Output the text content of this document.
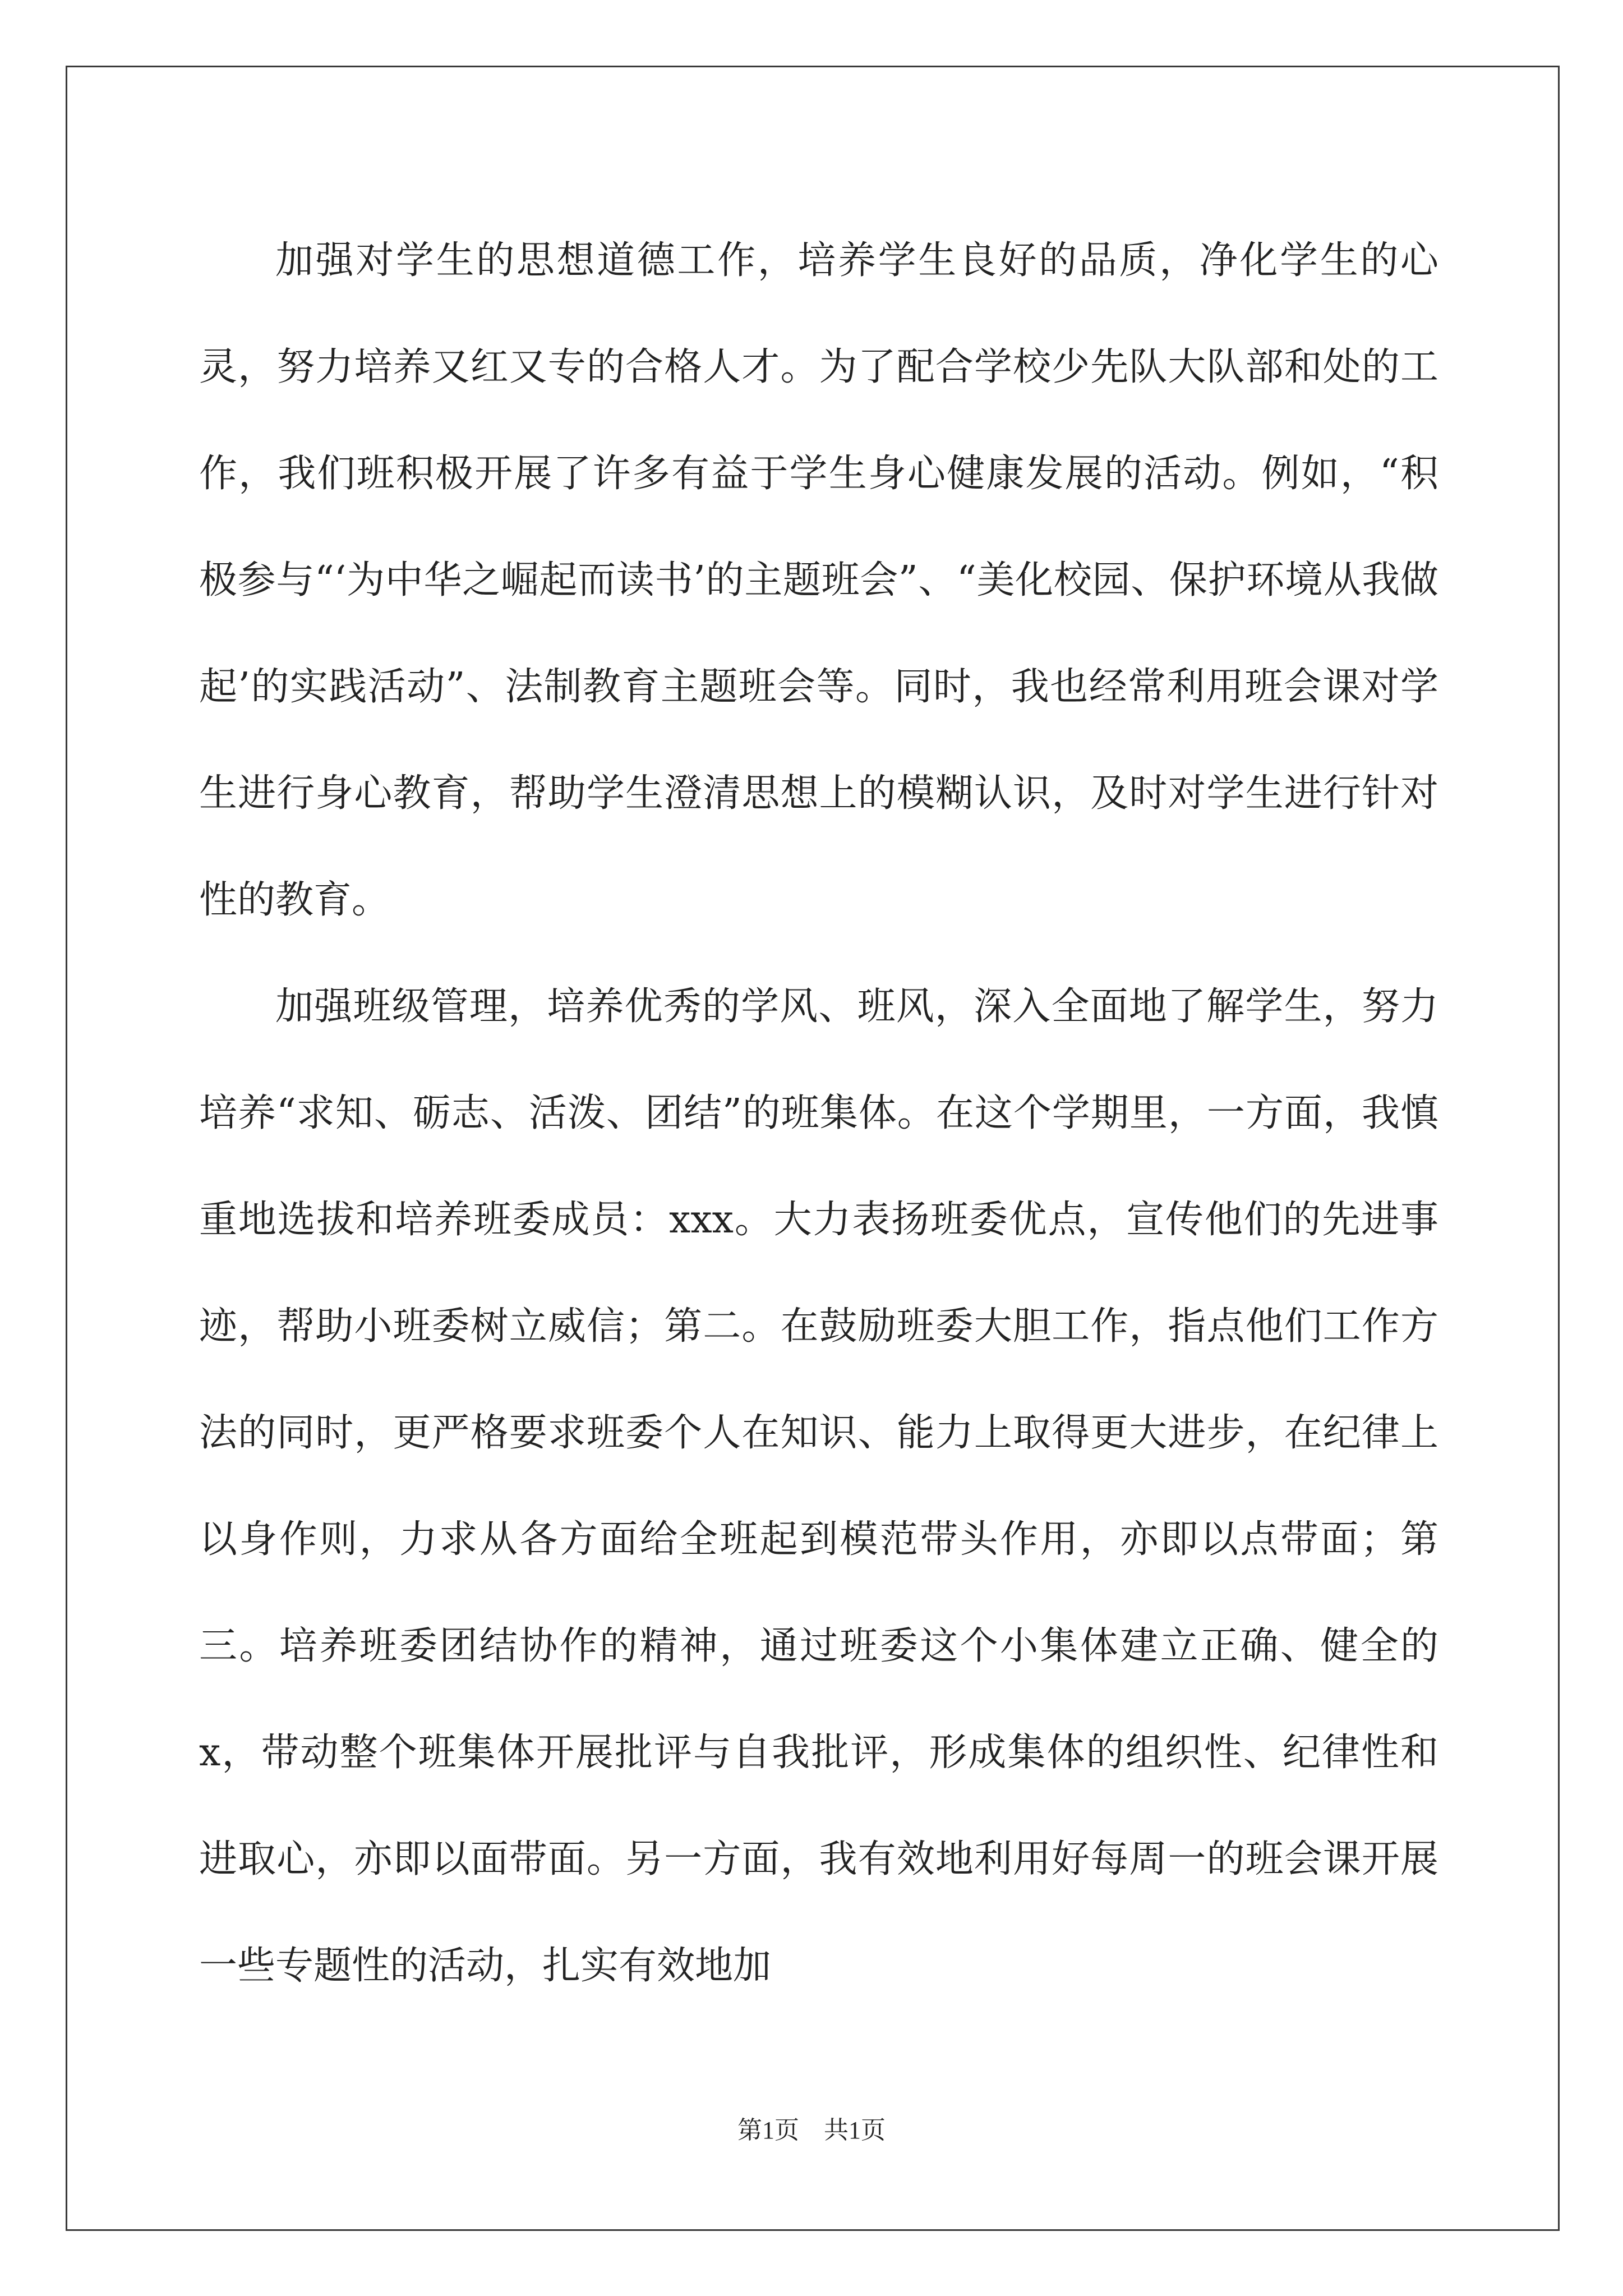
加强对学生的思想道德工作，培养学生良好的品质，净化学生的心灵，努力培养又红又专的合格人才。为了配合学校少先队大队部和处的工作，我们班积极开展了许多有益于学生身心健康发展的活动。例如，“积极参与“‘为中华之崛起而读书’的主题班会”、“美化校园、保护环境从我做起’的实践活动”、法制教育主题班会等。同时，我也经常利用班会课对学生进行身心教育，帮助学生澄清思想上的模糊认识，及时对学生进行针对性的教育。

加强班级管理，培养优秀的学风、班风，深入全面地了解学生，努力培养“求知、砺志、活泼、团结”的班集体。在这个学期里，一方面，我慎重地选拔和培养班委成员：xxx。大力表扬班委优点，宣传他们的先进事迹，帮助小班委树立威信；第二。在鼓励班委大胆工作，指点他们工作方法的同时，更严格要求班委个人在知识、能力上取得更大进步，在纪律上以身作则，力求从各方面给全班起到模范带头作用，亦即以点带面；第三。培养班委团结协作的精神，通过班委这个小集体建立正确、健全的x，带动整个班集体开展批评与自我批评，形成集体的组织性、纪律性和进取心，亦即以面带面。另一方面，我有效地利用好每周一的班会课开展一些专题性的活动，扎实有效地加

第1页 共1页
